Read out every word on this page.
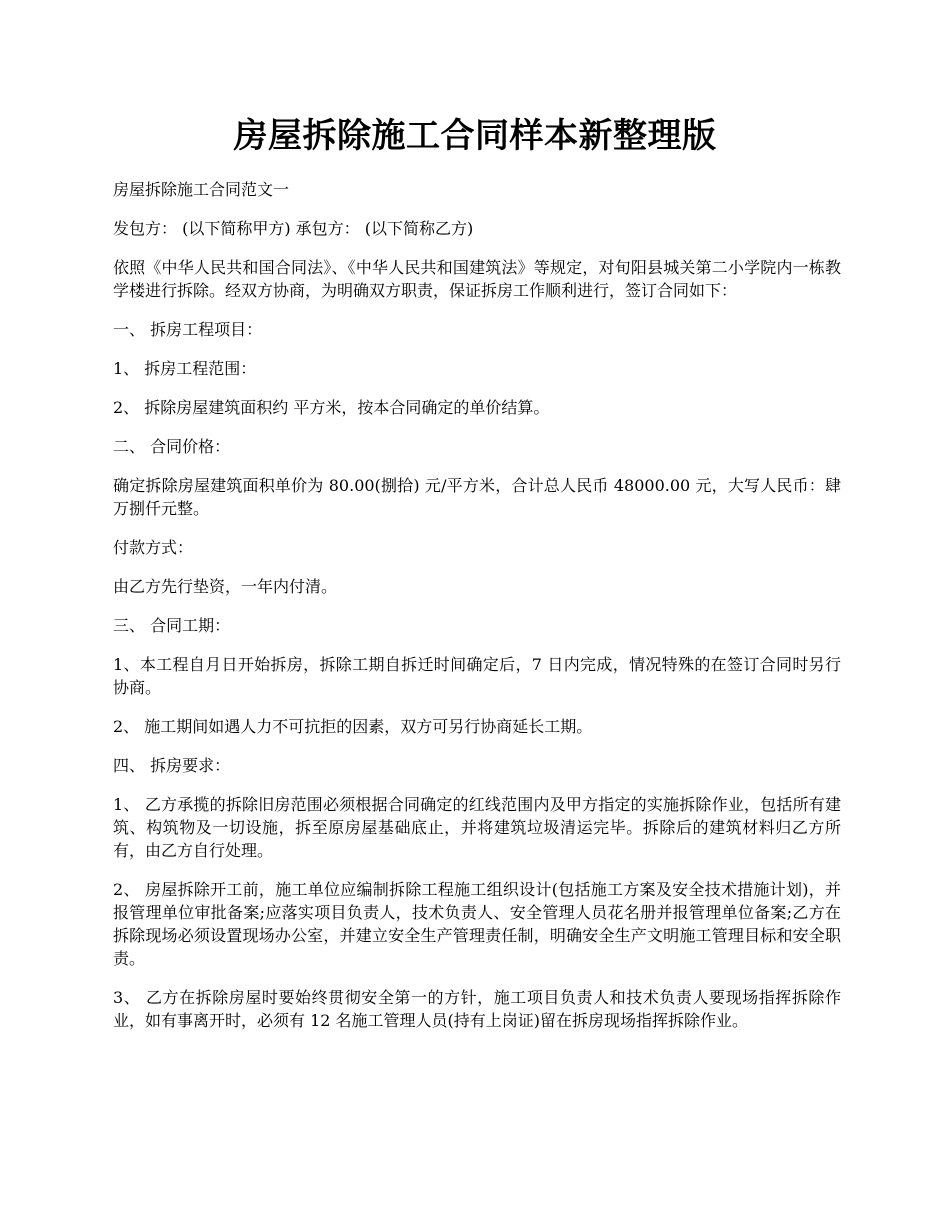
房屋拆除施工合同样本新整理版

房屋拆除施工合同范文一

发包方： (以下简称甲方) 承包方： (以下简称乙方)

依照《中华人民共和国合同法》、《中华人民共和国建筑法》等规定，对旬阳县城关第二小学院内一栋教学楼进行拆除。经双方协商，为明确双方职责，保证拆房工作顺利进行，签订合同如下：

一、 拆房工程项目：

1、 拆房工程范围：

2、 拆除房屋建筑面积约 平方米，按本合同确定的单价结算。

二、 合同价格：

确定拆除房屋建筑面积单价为 80.00(捌拾) 元/平方米，合计总人民币 48000.00 元，大写人民币：肆万捌仟元整。

付款方式：

由乙方先行垫资，一年内付清。

三、 合同工期：

1、本工程自月日开始拆房，拆除工期自拆迁时间确定后，7 日内完成，情况特殊的在签订合同时另行协商。

2、 施工期间如遇人力不可抗拒的因素，双方可另行协商延长工期。

四、 拆房要求：

1、 乙方承揽的拆除旧房范围必须根据合同确定的红线范围内及甲方指定的实施拆除作业，包括所有建筑、构筑物及一切设施，拆至原房屋基础底止，并将建筑垃圾清运完毕。拆除后的建筑材料归乙方所有，由乙方自行处理。

2、 房屋拆除开工前，施工单位应编制拆除工程施工组织设计(包括施工方案及安全技术措施计划)，并报管理单位审批备案;应落实项目负责人，技术负责人、安全管理人员花名册并报管理单位备案;乙方在拆除现场必须设置现场办公室，并建立安全生产管理责任制，明确安全生产文明施工管理目标和安全职责。

3、 乙方在拆除房屋时要始终贯彻安全第一的方针，施工项目负责人和技术负责人要现场指挥拆除作业，如有事离开时，必须有 12 名施工管理人员(持有上岗证)留在拆房现场指挥拆除作业。
